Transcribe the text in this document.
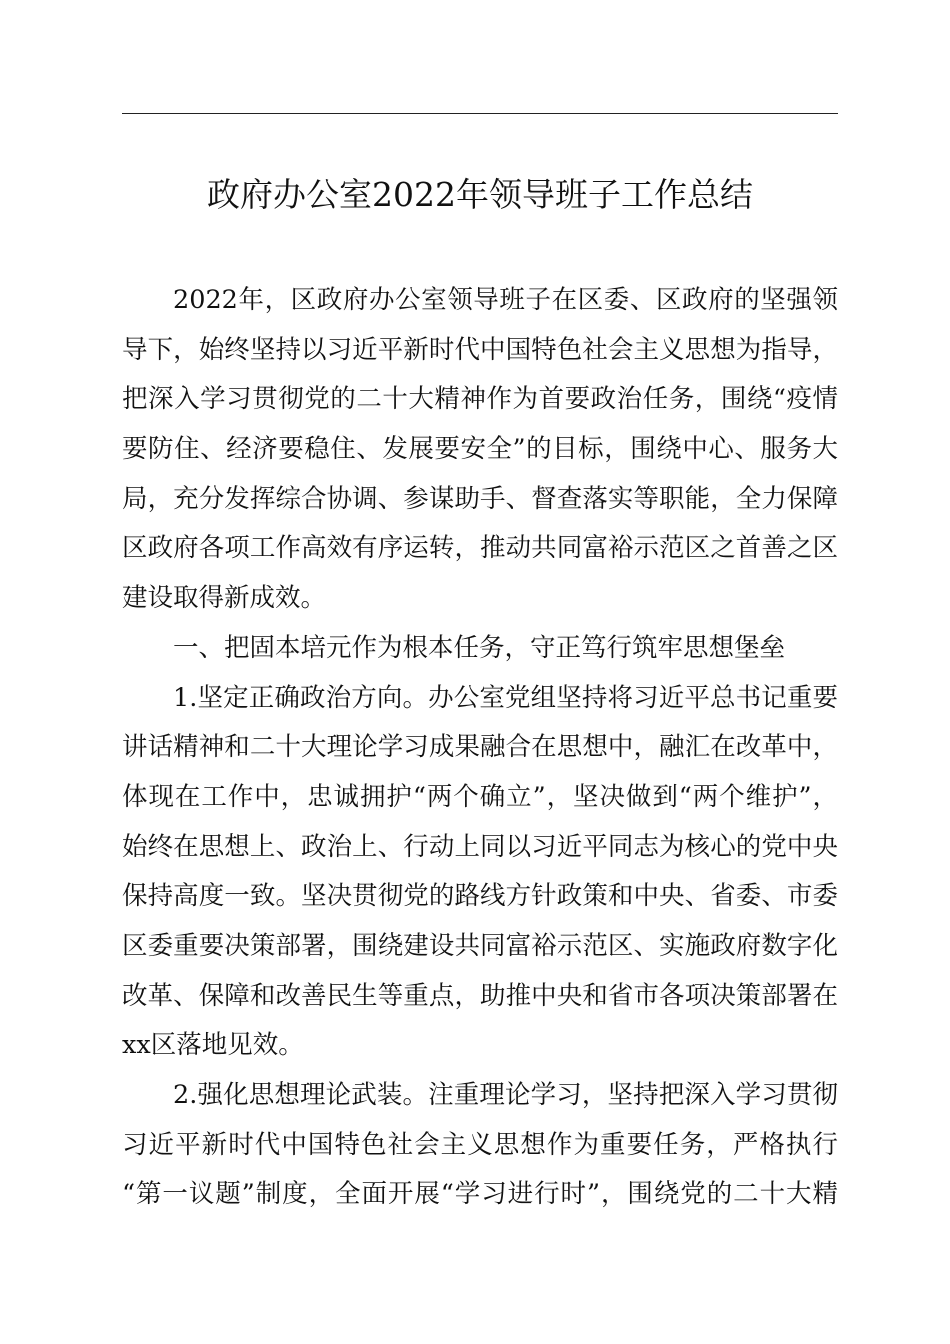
政府办公室2022年领导班子工作总结
2022年，区政府办公室领导班子在区委、区政府的坚强领
导下，始终坚持以习近平新时代中国特色社会主义思想为指导，
把深入学习贯彻党的二十大精神作为首要政治任务，围绕“疫情
要防住、经济要稳住、发展要安全”的目标，围绕中心、服务大
局，充分发挥综合协调、参谋助手、督查落实等职能，全力保障
区政府各项工作高效有序运转，推动共同富裕示范区之首善之区
建设取得新成效。
一、把固本培元作为根本任务，守正笃行筑牢思想堡垒
1.坚定正确政治方向。办公室党组坚持将习近平总书记重要
讲话精神和二十大理论学习成果融合在思想中，融汇在改革中，
体现在工作中，忠诚拥护“两个确立”，坚决做到“两个维护”，
始终在思想上、政治上、行动上同以习近平同志为核心的党中央
保持高度一致。坚决贯彻党的路线方针政策和中央、省委、市委
区委重要决策部署，围绕建设共同富裕示范区、实施政府数字化
改革、保障和改善民生等重点，助推中央和省市各项决策部署在
xx区落地见效。
2.强化思想理论武装。注重理论学习，坚持把深入学习贯彻
习近平新时代中国特色社会主义思想作为重要任务，严格执行
“第一议题”制度，全面开展“学习进行时”，围绕党的二十大精
